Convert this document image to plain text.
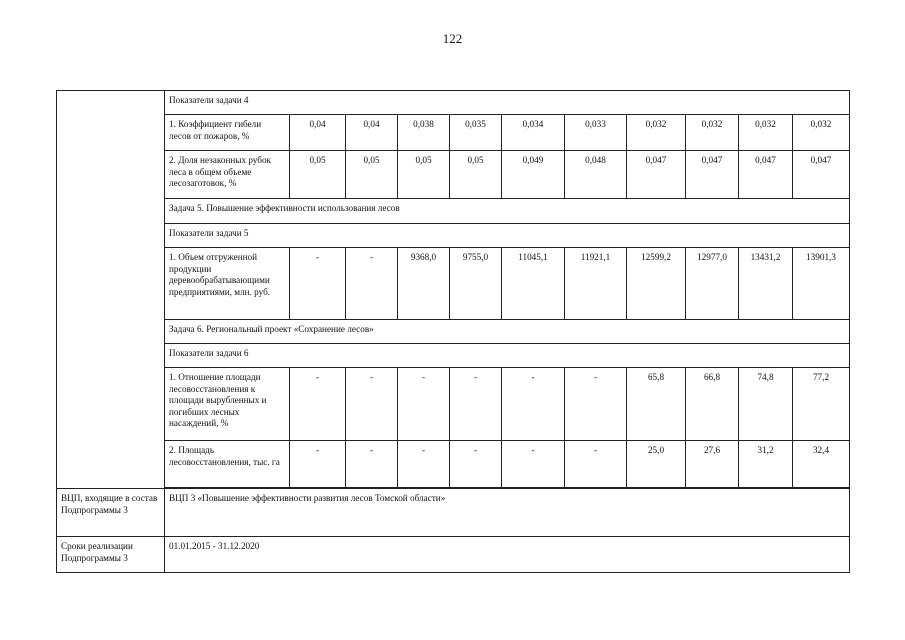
122
	Показатели задачи 4										
	1. Коэффициент гибели лесов от пожаров, %	0,04	0,04	0,038	0,035	0,034	0,033	0,032	0,032	0,032	0,032
	2. Доля незаконных рубок леса в общем объеме лесозаготовок, %	0,05	0,05	0,05	0,05	0,049	0,048	0,047	0,047	0,047	0,047
	Задача 5. Повышение эффективности использования лесов										
	Показатели задачи 5										
	1. Объем отгруженной продукции деревообрабатывающими предприятиями, млн. руб.	-	-	9368,0	9755,0	11045,1	11921,1	12599,2	12977,0	13431,2	13901,3
	Задача 6. Региональный проект «Сохранение лесов»										
	Показатели задачи 6										
	1. Отношение площади лесовосстановления к площади вырубленных и погибших лесных насаждений, %	-	-	-	-	-	-	65,8	66,8	74,8	77,2
	2. Площадь лесовосстановления, тыс. га	-	-	-	-	-	-	25,0	27,6	31,2	32,4

ВЦП, входящие в состав Подпрограммы 3	ВЦП 3 «Повышение эффективности развития лесов Томской области»										
Сроки реализации Подпрограммы 3	01.01.2015 - 31.12.2020										
